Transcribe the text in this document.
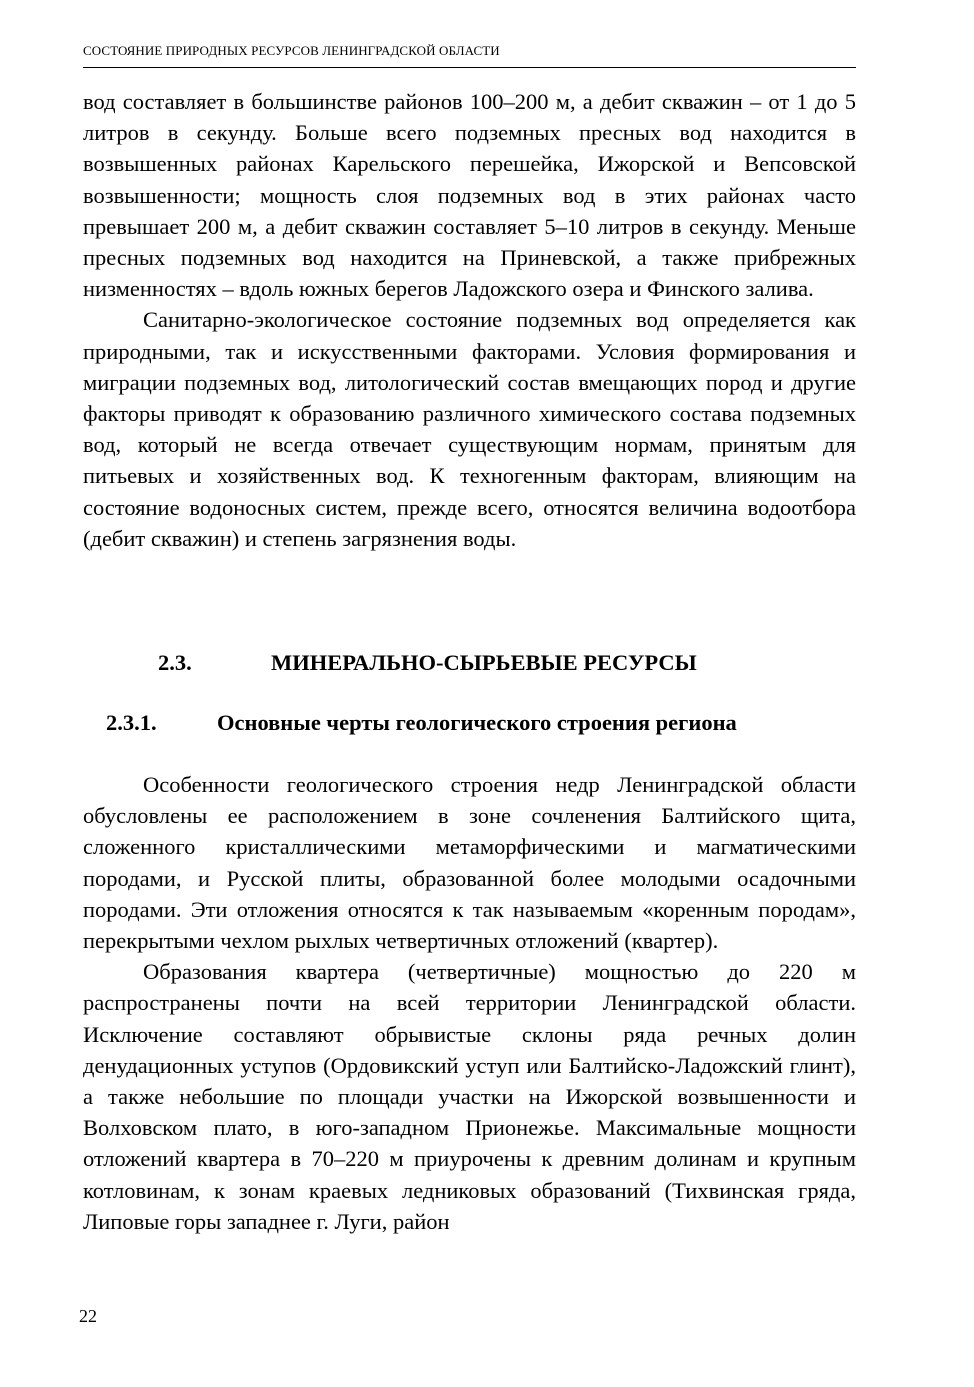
СОСТОЯНИЕ ПРИРОДНЫХ РЕСУРСОВ ЛЕНИНГРАДСКОЙ ОБЛАСТИ

вод составляет в большинстве районов 100–200 м, а дебит скважин – от 1 до 5 литров в секунду. Больше всего подземных пресных вод находится в возвышенных районах Карельского перешейка, Ижорской и Вепсовской возвышенности; мощность слоя подземных вод в этих районах часто превышает 200 м, а дебит скважин составляет 5–10 литров в секунду. Меньше пресных подземных вод находится на Приневской, а также прибрежных низменностях – вдоль южных берегов Ладожского озера и Финского залива.

Санитарно-экологическое состояние подземных вод определяется как природными, так и искусственными факторами. Условия формирования и миграции подземных вод, литологический состав вмещающих пород и другие факторы приводят к образованию различного химического состава подземных вод, который не всегда отвечает существующим нормам, принятым для питьевых и хозяйственных вод. К техногенным факторам, влияющим на состояние водоносных систем, прежде всего, относятся величина водоотбора (дебит скважин) и степень загрязнения воды.

2.3.	МИНЕРАЛЬНО-СЫРЬЕВЫЕ РЕСУРСЫ
2.3.1.	Основные черты геологического строения региона

Особенности геологического строения недр Ленинградской области обусловлены ее расположением в зоне сочленения Балтийского щита, сложенного кристаллическими метаморфическими и магматическими породами, и Русской плиты, образованной более молодыми осадочными породами. Эти отложения относятся к так называемым «коренным породам», перекрытыми чехлом рыхлых четвертичных отложений (квартер).

Образования квартера (четвертичные) мощностью до 220 м распространены почти на всей территории Ленинградской области. Исключение составляют обрывистые склоны ряда речных долин денудационных уступов (Ордовикский уступ или Балтийско-Ладожский глинт), а также небольшие по площади участки на Ижорской возвышенности и Волховском плато, в юго-западном Прионежье. Максимальные мощности отложений квартера в 70–220 м приурочены к древним долинам и крупным котловинам, к зонам краевых ледниковых образований (Тихвинская гряда, Липовые горы западнее г. Луги, район

22
